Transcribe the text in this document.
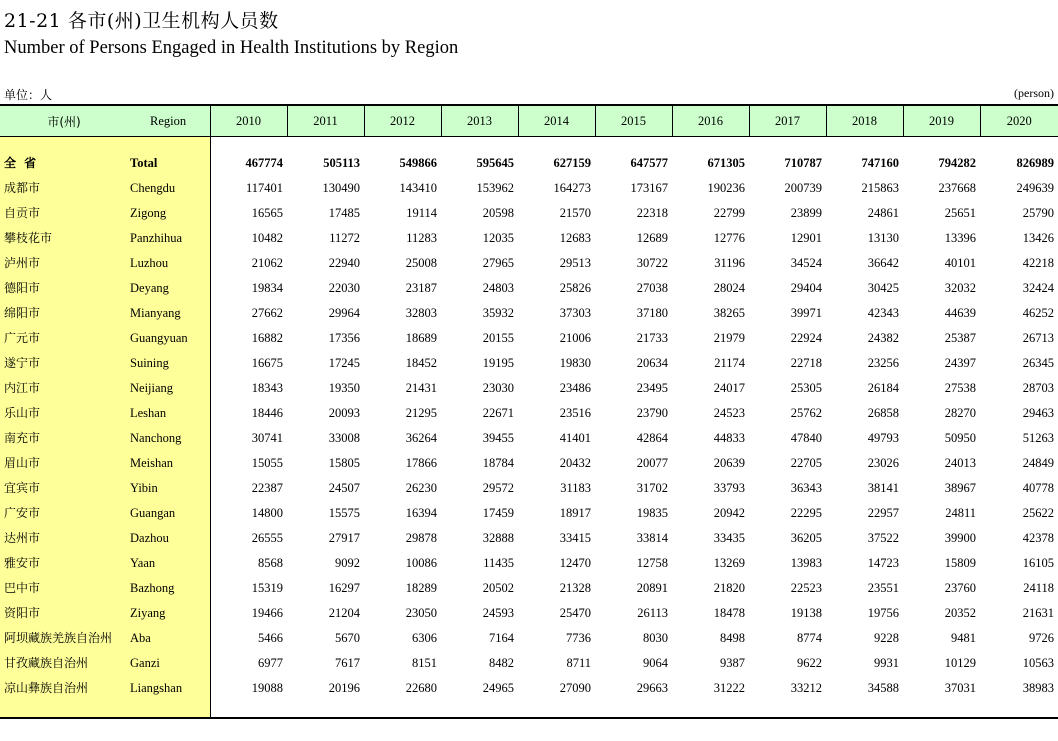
21-21 各市(州)卫生机构人员数
Number of Persons Engaged in Health Institutions by Region
单位：人	(person)
市(州)	Region	2010	2011	2012	2013	2014	2015	2016	2017	2018	2019	2020

全 省	Total	467774	505113	549866	595645	627159	647577	671305	710787	747160	794282	826989
成都市	Chengdu	117401	130490	143410	153962	164273	173167	190236	200739	215863	237668	249639
自贡市	Zigong	16565	17485	19114	20598	21570	22318	22799	23899	24861	25651	25790
攀枝花市	Panzhihua	10482	11272	11283	12035	12683	12689	12776	12901	13130	13396	13426
泸州市	Luzhou	21062	22940	25008	27965	29513	30722	31196	34524	36642	40101	42218
德阳市	Deyang	19834	22030	23187	24803	25826	27038	28024	29404	30425	32032	32424
绵阳市	Mianyang	27662	29964	32803	35932	37303	37180	38265	39971	42343	44639	46252
广元市	Guangyuan	16882	17356	18689	20155	21006	21733	21979	22924	24382	25387	26713
遂宁市	Suining	16675	17245	18452	19195	19830	20634	21174	22718	23256	24397	26345
内江市	Neijiang	18343	19350	21431	23030	23486	23495	24017	25305	26184	27538	28703
乐山市	Leshan	18446	20093	21295	22671	23516	23790	24523	25762	26858	28270	29463
南充市	Nanchong	30741	33008	36264	39455	41401	42864	44833	47840	49793	50950	51263
眉山市	Meishan	15055	15805	17866	18784	20432	20077	20639	22705	23026	24013	24849
宜宾市	Yibin	22387	24507	26230	29572	31183	31702	33793	36343	38141	38967	40778
广安市	Guangan	14800	15575	16394	17459	18917	19835	20942	22295	22957	24811	25622
达州市	Dazhou	26555	27917	29878	32888	33415	33814	33435	36205	37522	39900	42378
雅安市	Yaan	8568	9092	10086	11435	12470	12758	13269	13983	14723	15809	16105
巴中市	Bazhong	15319	16297	18289	20502	21328	20891	21820	22523	23551	23760	24118
资阳市	Ziyang	19466	21204	23050	24593	25470	26113	18478	19138	19756	20352	21631
阿坝藏族羌族自治州	Aba	5466	5670	6306	7164	7736	8030	8498	8774	9228	9481	9726
甘孜藏族自治州	Ganzi	6977	7617	8151	8482	8711	9064	9387	9622	9931	10129	10563
凉山彝族自治州	Liangshan	19088	20196	22680	24965	27090	29663	31222	33212	34588	37031	38983
